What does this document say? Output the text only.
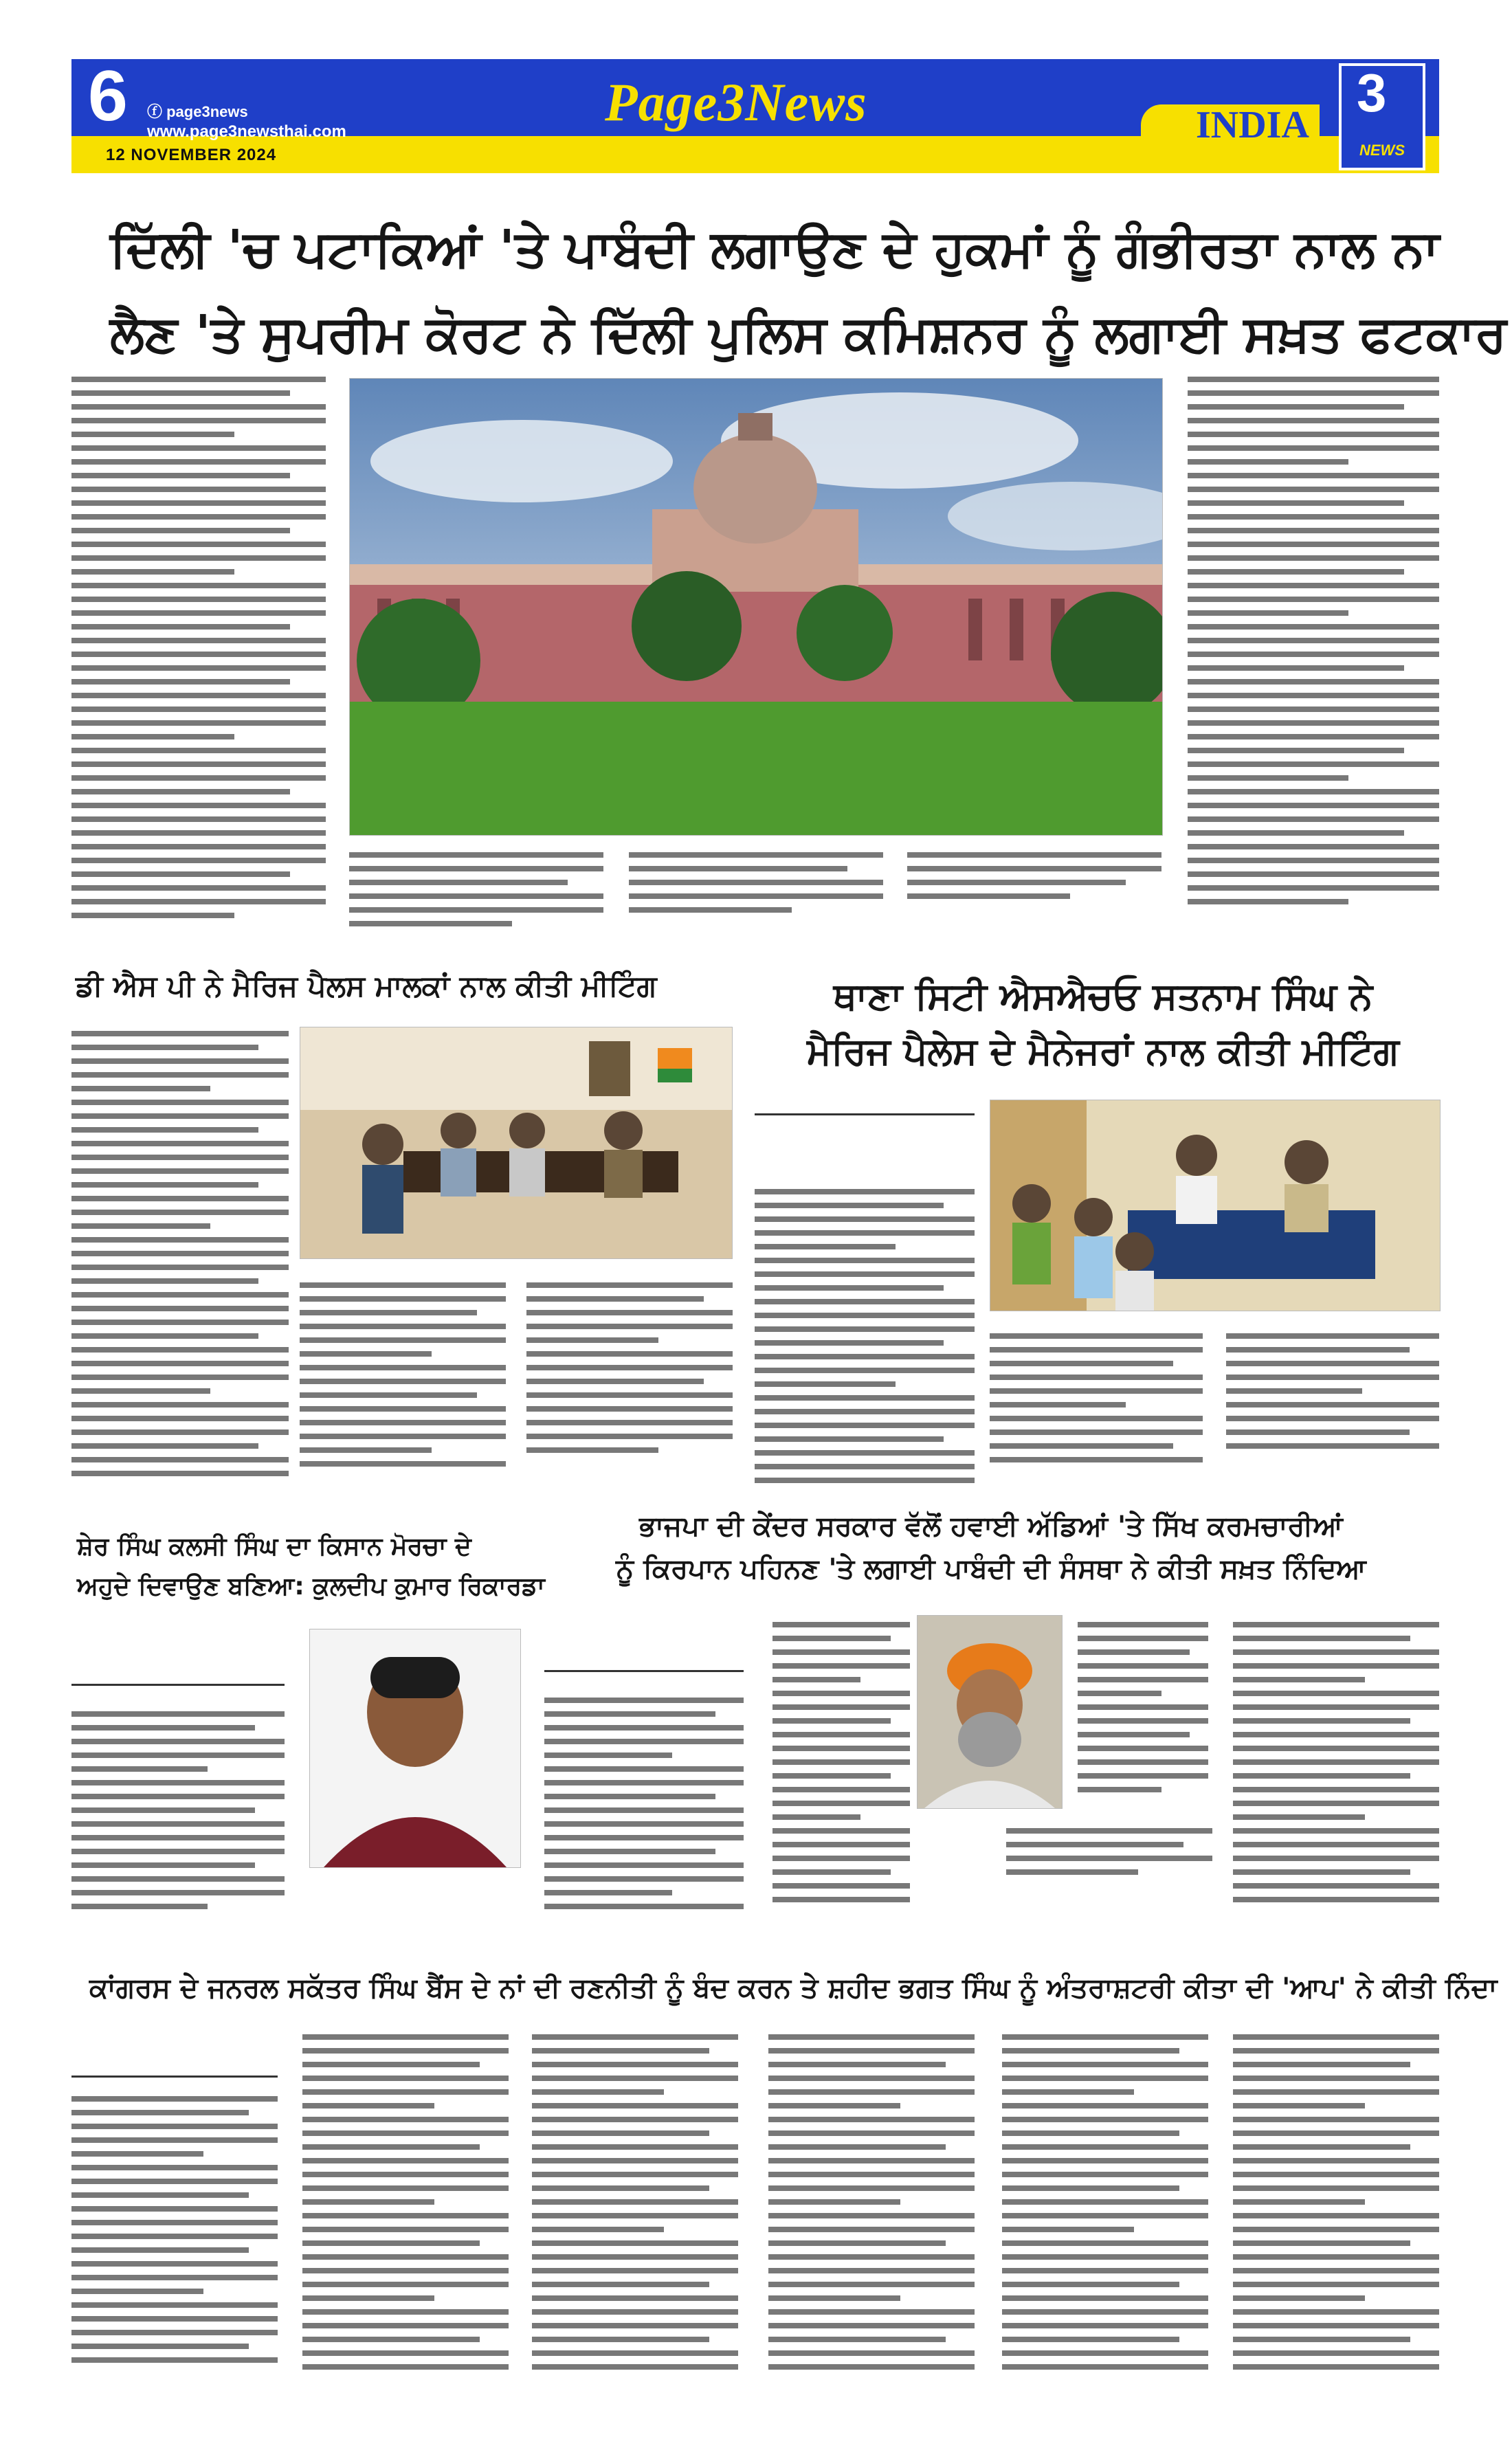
6 ⓕ page3news
www.page3newsthai.com
12 NOVEMBER 2024
Page3News	INDIA
3
NEWS
ਦਿੱਲੀ 'ਚ ਪਟਾਕਿਆਂ 'ਤੇ ਪਾਬੰਦੀ ਲਗਾਉਣ ਦੇ ਹੁਕਮਾਂ ਨੂੰ ਗੰਭੀਰਤਾ ਨਾਲ ਨਾ
ਲੈਣ 'ਤੇ ਸੁਪਰੀਮ ਕੋਰਟ ਨੇ ਦਿੱਲੀ ਪੁਲਿਸ ਕਮਿਸ਼ਨਰ ਨੂੰ ਲਗਾਈ ਸਖ਼ਤ ਫਟਕਾਰ
ਡੀ ਐਸ ਪੀ ਨੇ ਮੈਰਿਜ ਪੈਲਸ ਮਾਲਕਾਂ ਨਾਲ ਕੀਤੀ ਮੀਟਿੰਗ	ਥਾਣਾ ਸਿਟੀ ਐਸਐਚਓ ਸਤਨਾਮ ਸਿੰਘ ਨੇ
ਮੈਰਿਜ ਪੈਲੇਸ ਦੇ ਮੈਨੇਜਰਾਂ ਨਾਲ ਕੀਤੀ ਮੀਟਿੰਗ
ਸ਼ੇਰ ਸਿੰਘ ਕਲਸੀ ਸਿੰਘ ਦਾ ਕਿਸਾਨ ਮੋਰਚਾ ਦੇ
ਅਹੁਦੇ ਦਿਵਾਉਣ ਬਣਿਆ: ਕੁਲਦੀਪ ਕੁਮਾਰ ਰਿਕਾਰਡਾ
ਭਾਜਪਾ ਦੀ ਕੇਂਦਰ ਸਰਕਾਰ ਵੱਲੋਂ ਹਵਾਈ ਅੱਡਿਆਂ 'ਤੇ ਸਿੱਖ ਕਰਮਚਾਰੀਆਂ
ਨੂੰ ਕਿਰਪਾਨ ਪਹਿਨਣ 'ਤੇ ਲਗਾਈ ਪਾਬੰਦੀ ਦੀ ਸੰਸਥਾ ਨੇ ਕੀਤੀ ਸਖ਼ਤ ਨਿੰਦਿਆ
ਕਾਂਗਰਸ ਦੇ ਜਨਰਲ ਸਕੱਤਰ ਸਿੰਘ ਬੈਂਸ ਦੇ ਨਾਂ ਦੀ ਰਣਨੀਤੀ ਨੂੰ ਬੰਦ ਕਰਨ ਤੇ ਸ਼ਹੀਦ ਭਗਤ ਸਿੰਘ ਨੂੰ ਅੰਤਰਾਸ਼ਟਰੀ ਕੀਤਾ ਦੀ 'ਆਪ' ਨੇ ਕੀਤੀ ਨਿੰਦਾ
